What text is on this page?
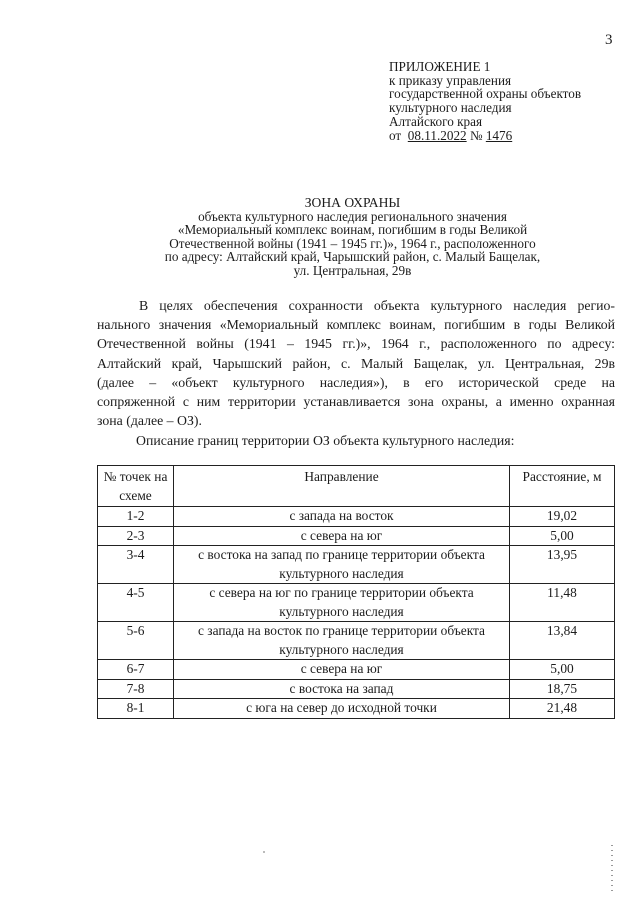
3
ПРИЛОЖЕНИЕ 1
к приказу управления
государственной охраны объектов
культурного наследия
Алтайского края
от 08.11.2022 № 1476
ЗОНА ОХРАНЫ
объекта культурного наследия регионального значения
«Мемориальный комплекс воинам, погибшим в годы Великой
Отечественной войны (1941 – 1945 гг.)», 1964 г., расположенного
по адресу: Алтайский край, Чарышский район, с. Малый Бащелак,
ул. Центральная, 29в
В целях обеспечения сохранности объекта культурного наследия регио-
нального значения «Мемориальный комплекс воинам, погибшим в годы Великой
Отечественной войны (1941 – 1945 гг.)», 1964 г., расположенного по адресу:
Алтайский край, Чарышский район, с. Малый Бащелак, ул. Центральная, 29в
(далее – «объект культурного наследия»), в его исторической среде на
сопряженной с ним территории устанавливается зона охраны, а именно охранная
зона (далее – ОЗ).
Описание границ территории ОЗ объекта культурного наследия:
№ точек на схеме	Направление	Расстояние, м
1-2	с запада на восток	19,02
2-3	с севера на юг	5,00
3-4	с востока на запад по границе территории объекта культурного наследия	13,95
4-5	с севера на юг по границе территории объекта культурного наследия	11,48
5-6	с запада на восток по границе территории объекта культурного наследия	13,84
6-7	с севера на юг	5,00
7-8	с востока на запад	18,75
8-1	с юга на север до исходной точки	21,48
